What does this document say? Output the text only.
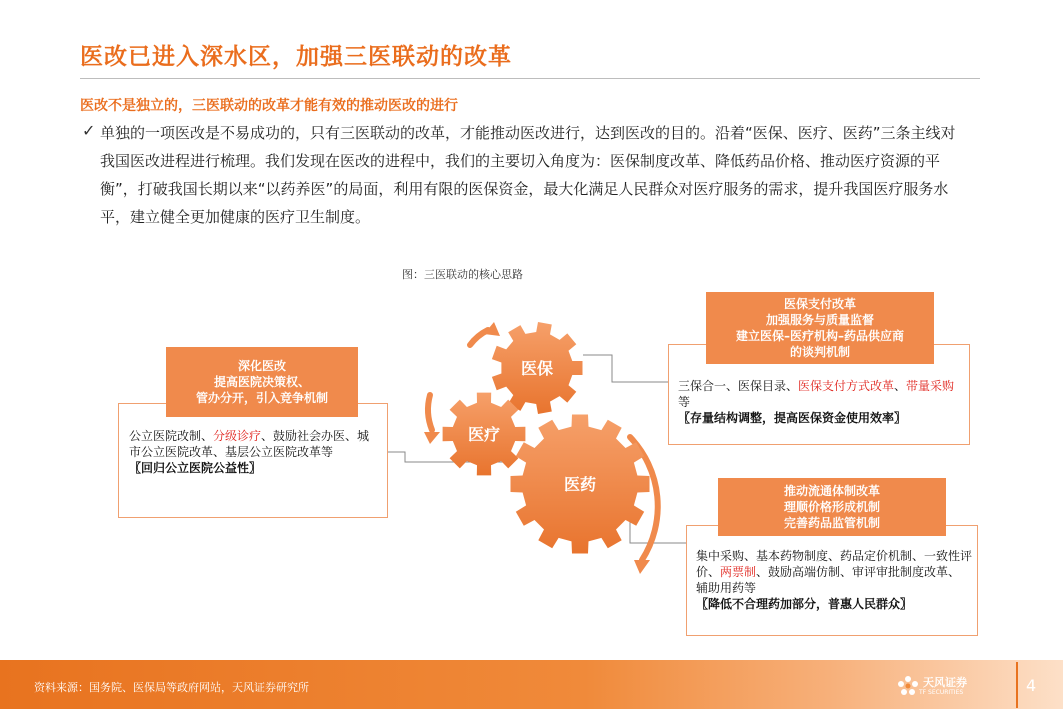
医改已进入深水区，加强三医联动的改革
医改不是独立的，三医联动的改革才能有效的推动医改的进行
✓ 单独的一项医改是不易成功的，只有三医联动的改革，才能推动医改进行，达到医改的目的。沿着“医保、医疗、医药”三条主线对我国医改进程进行梳理。我们发现在医改的进程中，我们的主要切入角度为：医保制度改革、降低药品价格、推动医疗资源的平衡”，打破我国长期以来“以药养医”的局面，利用有限的医保资金，最大化满足人民群众对医疗服务的需求，提升我国医疗服务水平，建立健全更加健康的医疗卫生制度。
图：三医联动的核心思路
医保
医疗
医药
深化医改
提高医院决策权、
管办分开，引入竞争机制
公立医院改制、分级诊疗、鼓励社会办医、城市公立医院改革、基层公立医院改革等
〖回归公立医院公益性〗
医保支付改革
加强服务与质量监督
建立医保–医疗机构–药品供应商
的谈判机制
三保合一、医保目录、医保支付方式改革、带量采购等
〖存量结构调整，提高医保资金使用效率〗
推动流通体制改革
理顺价格形成机制
完善药品监管机制
集中采购、基本药物制度、药品定价机制、一致性评价、两票制、鼓励高端仿制、审评审批制度改革、辅助用药等
〖降低不合理药加部分，普惠人民群众〗
资料来源：国务院、医保局等政府网站，天风证券研究所	天风证券
TF SECURITIES	4
